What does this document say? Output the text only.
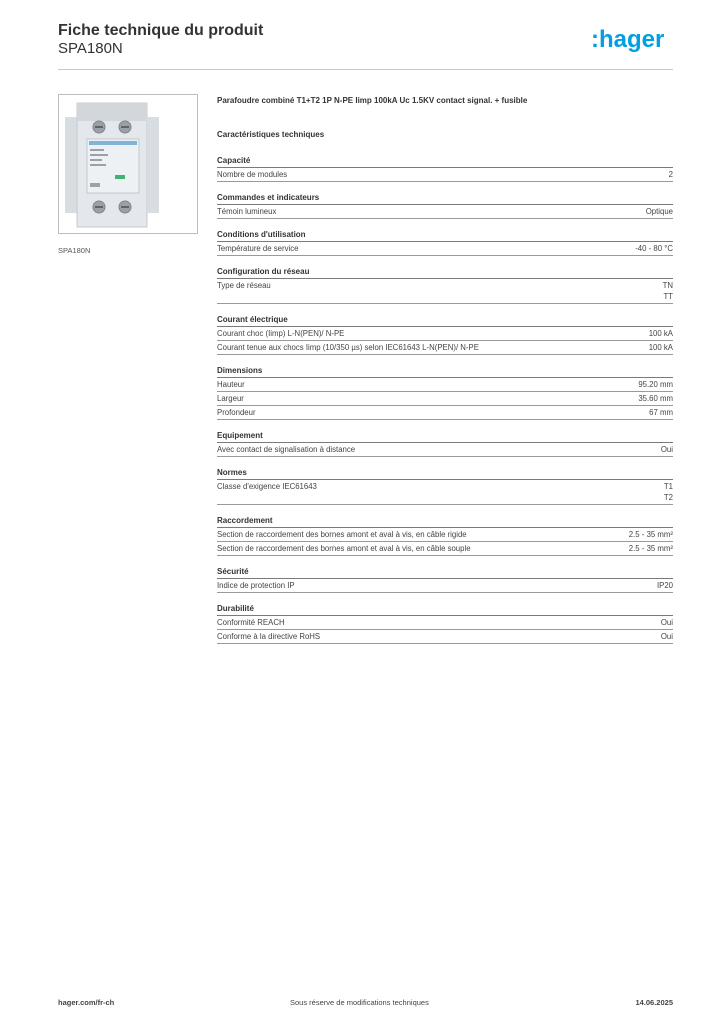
Fiche technique du produit
SPA180N	:hager
SPA180N
Parafoudre combiné T1+T2 1P N-PE Iimp 100kA Uc 1.5KV contact signal. + fusible
Caractéristiques techniques
Capacité
Nombre de modules	2
Commandes et indicateurs
Témoin lumineux	Optique
Conditions d'utilisation
Température de service	-40 - 80 °C
Configuration du réseau
Type de réseau	TN
TT
Courant électrique
Courant choc (Iimp) L-N(PEN)/ N-PE	100 kA
Courant tenue aux chocs Iimp (10/350 µs) selon IEC61643 L-N(PEN)/ N-PE	100 kA
Dimensions
Hauteur	95.20 mm
Largeur	35.60 mm
Profondeur	67 mm
Equipement
Avec contact de signalisation à distance	Oui
Normes
Classe d'exigence IEC61643	T1
T2
Raccordement
Section de raccordement des bornes amont et aval à vis, en câble rigide	2.5 - 35 mm²
Section de raccordement des bornes amont et aval à vis, en câble souple	2.5 - 35 mm²
Sécurité
Indice de protection IP	IP20
Durabilité
Conformité REACH	Oui
Conforme à la directive RoHS	Oui
hager.com/fr-ch	Sous réserve de modifications techniques	14.06.2025
